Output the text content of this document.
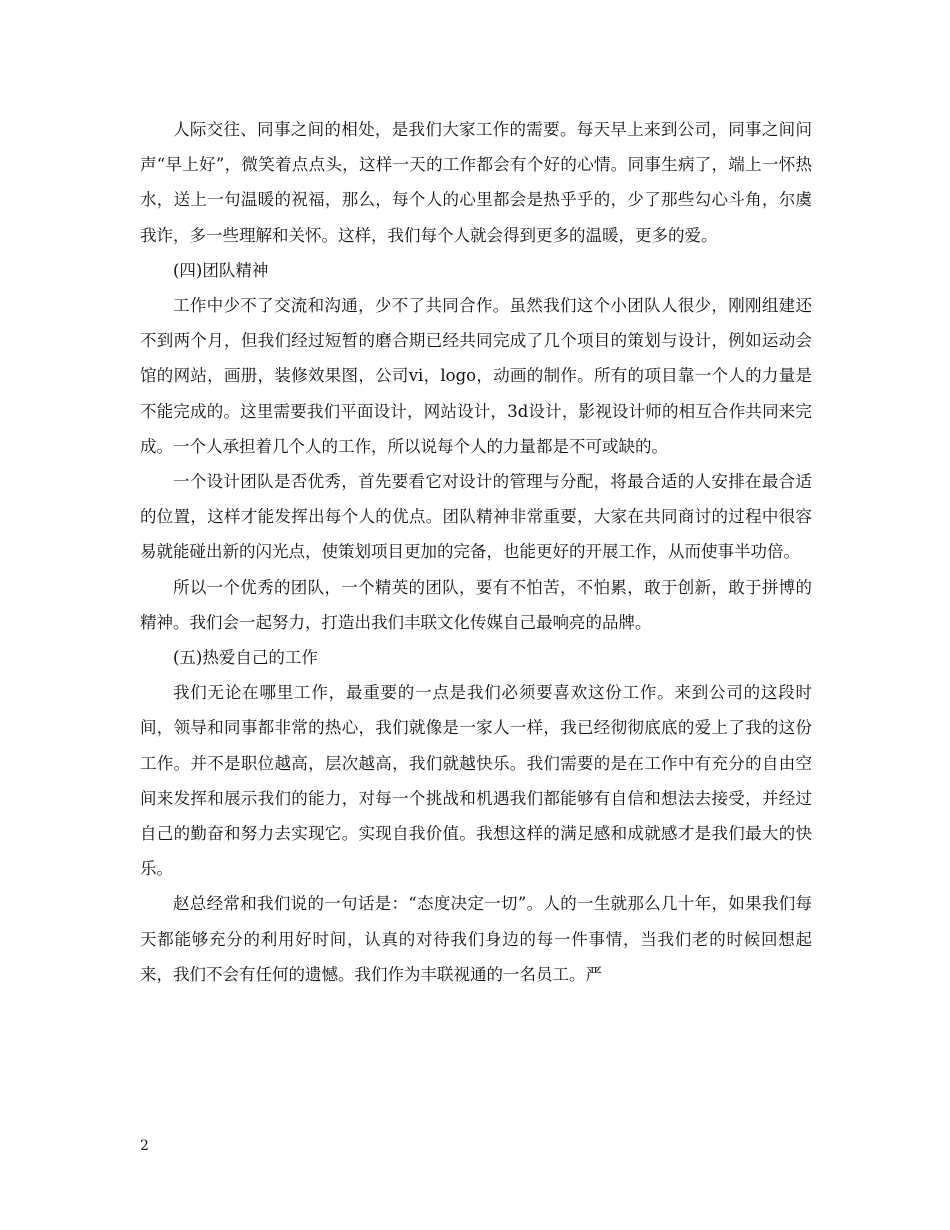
人际交往、同事之间的相处，是我们大家工作的需要。每天早上来到公司，同事之间问声“早上好”，微笑着点点头，这样一天的工作都会有个好的心情。同事生病了，端上一怀热水，送上一句温暖的祝福，那么，每个人的心里都会是热乎乎的，少了那些勾心斗角，尔虞我诈，多一些理解和关怀。这样，我们每个人就会得到更多的温暖，更多的爱。

(四)团队精神

工作中少不了交流和沟通，少不了共同合作。虽然我们这个小团队人很少，刚刚组建还不到两个月，但我们经过短暂的磨合期已经共同完成了几个项目的策划与设计，例如运动会馆的网站，画册，装修效果图，公司vi，logo，动画的制作。所有的项目靠一个人的力量是不能完成的。这里需要我们平面设计，网站设计，3d设计，影视设计师的相互合作共同来完成。一个人承担着几个人的工作，所以说每个人的力量都是不可或缺的。

一个设计团队是否优秀，首先要看它对设计的管理与分配，将最合适的人安排在最合适的位置，这样才能发挥出每个人的优点。团队精神非常重要，大家在共同商讨的过程中很容易就能碰出新的闪光点，使策划项目更加的完备，也能更好的开展工作，从而使事半功倍。

所以一个优秀的团队，一个精英的团队，要有不怕苦，不怕累，敢于创新，敢于拼博的精神。我们会一起努力，打造出我们丰联文化传媒自己最响亮的品牌。

(五)热爱自己的工作

我们无论在哪里工作，最重要的一点是我们必须要喜欢这份工作。来到公司的这段时间，领导和同事都非常的热心，我们就像是一家人一样，我已经彻彻底底的爱上了我的这份工作。并不是职位越高，层次越高，我们就越快乐。我们需要的是在工作中有充分的自由空间来发挥和展示我们的能力，对每一个挑战和机遇我们都能够有自信和想法去接受，并经过自己的勤奋和努力去实现它。实现自我价值。我想这样的满足感和成就感才是我们最大的快乐。

赵总经常和我们说的一句话是：“态度决定一切”。人的一生就那么几十年，如果我们每天都能够充分的利用好时间，认真的对待我们身边的每一件事情，当我们老的时候回想起来，我们不会有任何的遗憾。我们作为丰联视通的一名员工。严

2
